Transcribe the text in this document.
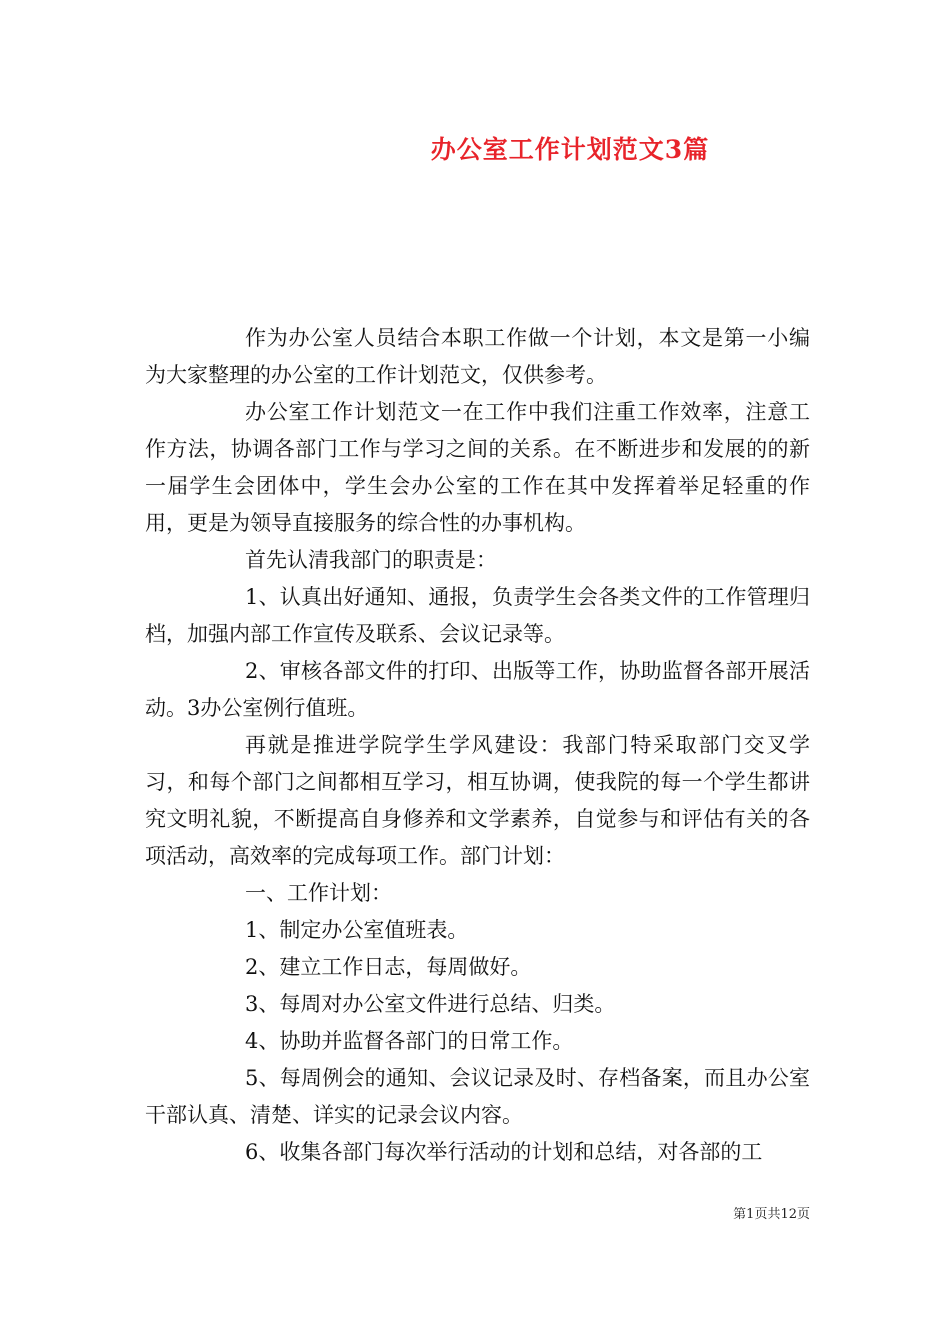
办公室工作计划范文3篇

作为办公室人员结合本职工作做一个计划，本文是第一小编为大家整理的办公室的工作计划范文，仅供参考。

办公室工作计划范文一在工作中我们注重工作效率，注意工作方法，协调各部门工作与学习之间的关系。在不断进步和发展的的新一届学生会团体中，学生会办公室的工作在其中发挥着举足轻重的作用，更是为领导直接服务的综合性的办事机构。

首先认清我部门的职责是：

1、认真出好通知、通报，负责学生会各类文件的工作管理归档，加强内部工作宣传及联系、会议记录等。

2、审核各部文件的打印、出版等工作，协助监督各部开展活动。3办公室例行值班。

再就是推进学院学生学风建设：我部门特采取部门交叉学习，和每个部门之间都相互学习，相互协调，使我院的每一个学生都讲究文明礼貌，不断提高自身修养和文学素养，自觉参与和评估有关的各项活动，高效率的完成每项工作。部门计划：

一、工作计划：

1、制定办公室值班表。

2、建立工作日志，每周做好。

3、每周对办公室文件进行总结、归类。

4、协助并监督各部门的日常工作。

5、每周例会的通知、会议记录及时、存档备案，而且办公室干部认真、清楚、详实的记录会议内容。

6、收集各部门每次举行活动的计划和总结，对各部的工

第1页共12页
